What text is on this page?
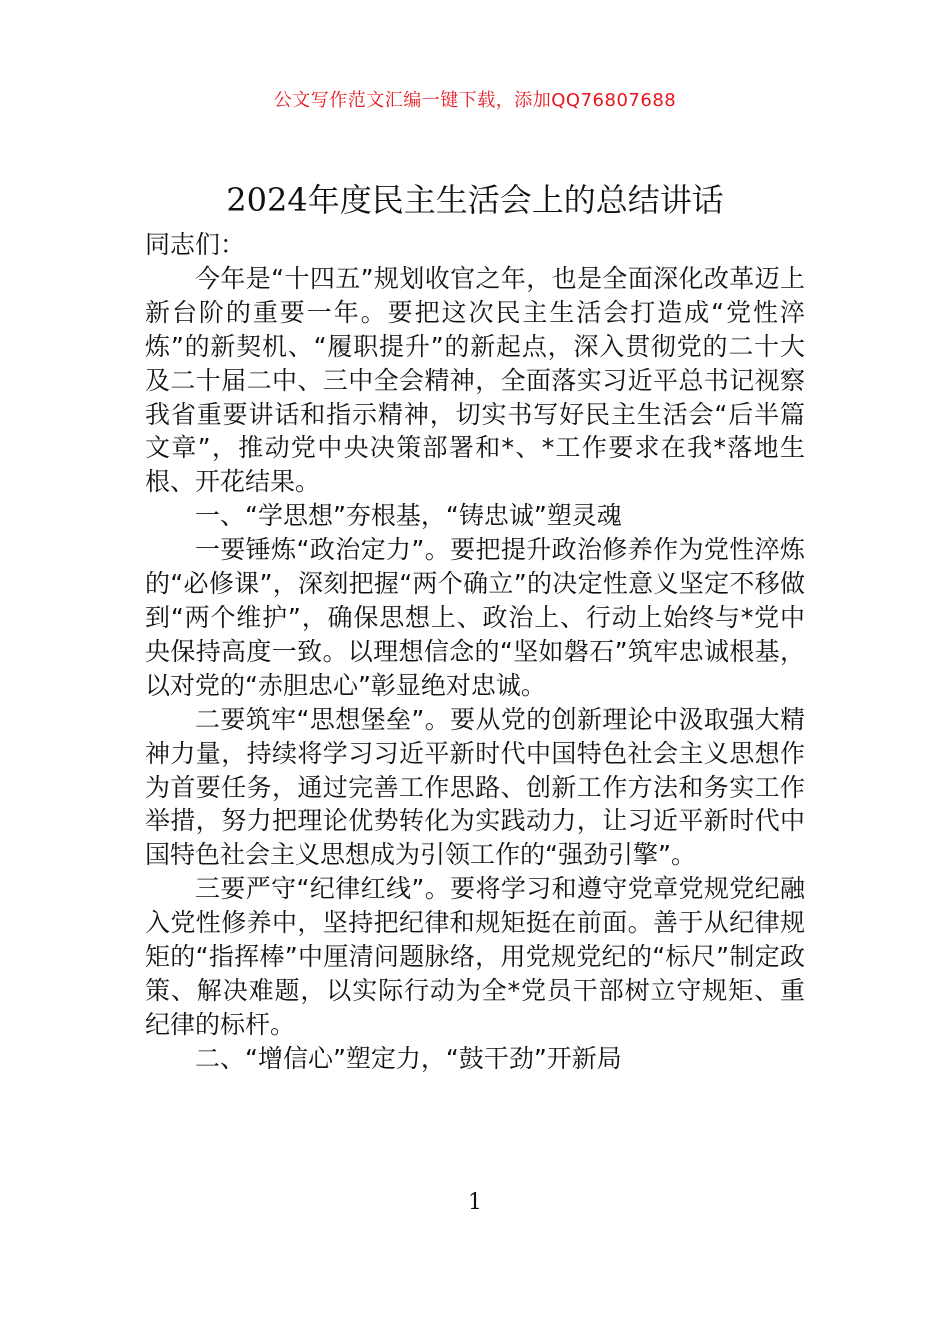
公文写作范文汇编一键下载，添加QQ76807688
2024年度民主生活会上的总结讲话

同志们：

今年是“十四五”规划收官之年，也是全面深化改革迈上新台阶的重要一年。要把这次民主生活会打造成“党性淬炼”的新契机、“履职提升”的新起点，深入贯彻党的二十大及二十届二中、三中全会精神，全面落实习近平总书记视察我省重要讲话和指示精神，切实书写好民主生活会“后半篇文章”，推动党中央决策部署和*、*工作要求在我*落地生根、开花结果。

一、“学思想”夯根基，“铸忠诚”塑灵魂

一要锤炼“政治定力”。要把提升政治修养作为党性淬炼的“必修课”，深刻把握“两个确立”的决定性意义坚定不移做到“两个维护”，确保思想上、政治上、行动上始终与*党中央保持高度一致。以理想信念的“坚如磐石”筑牢忠诚根基，以对党的“赤胆忠心”彰显绝对忠诚。

二要筑牢“思想堡垒”。要从党的创新理论中汲取强大精神力量，持续将学习习近平新时代中国特色社会主义思想作为首要任务，通过完善工作思路、创新工作方法和务实工作举措，努力把理论优势转化为实践动力，让习近平新时代中国特色社会主义思想成为引领工作的“强劲引擎”。

三要严守“纪律红线”。要将学习和遵守党章党规党纪融入党性修养中，坚持把纪律和规矩挺在前面。善于从纪律规矩的“指挥棒”中厘清问题脉络，用党规党纪的“标尺”制定政策、解决难题，以实际行动为全*党员干部树立守规矩、重纪律的标杆。

二、“增信心”塑定力，“鼓干劲”开新局

1
